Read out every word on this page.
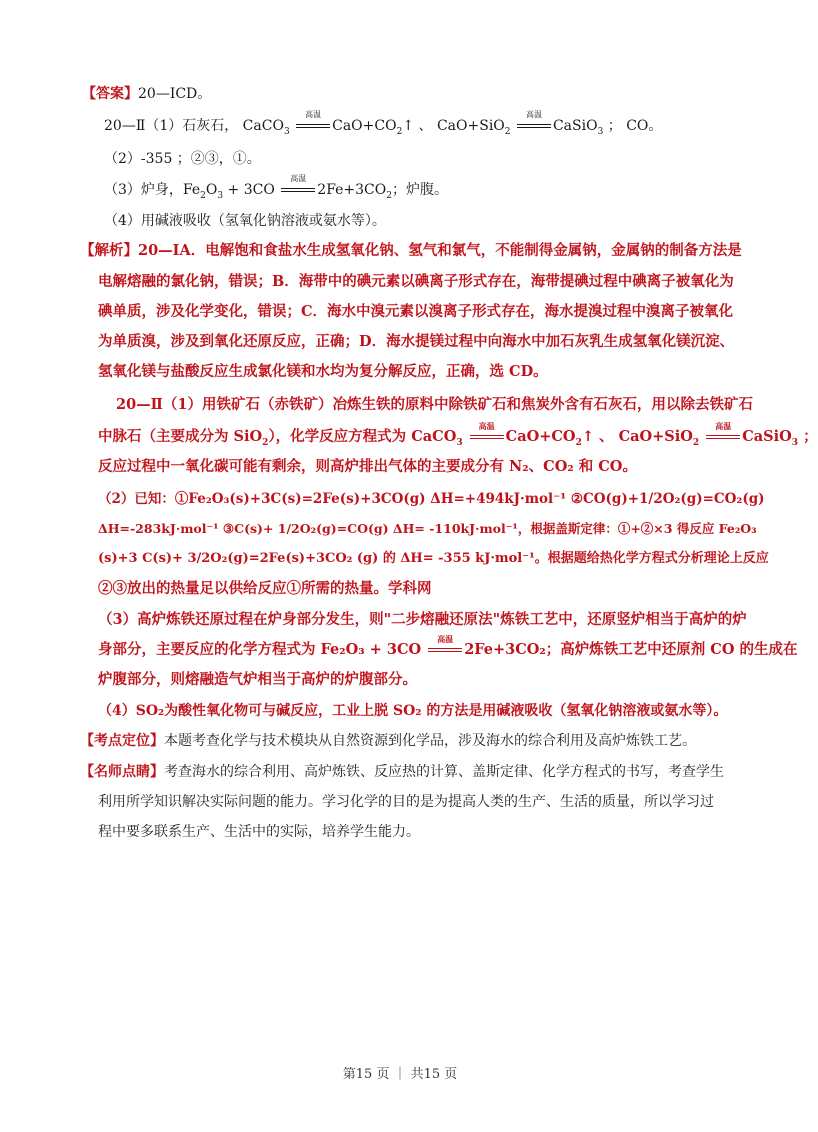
​
【答案】20—ⅠCD。
20—Ⅱ（1）石灰石， CaCO$_3$
高温
$CaO+CO_2↑$ 、 CaO+SiO$_2$
高温
CaSiO$_3$ ； CO。
（2）-355 ；②③，①。
（3）炉身，$Fe_2O_3 + 3CO$
高温
$2Fe+3CO_2$；炉腹。
（4）用碱液吸收（氢氧化钠溶液或氨水等）。
【解析】20—ⅠA．电解饱和食盐水生成氢氧化钠、氢气和氯气，不能制得金属钠，金属钠的制备方法是
电解熔融的氯化钠，错误；B．海带中的碘元素以碘离子形式存在，海带提碘过程中碘离子被氧化为
碘单质，涉及化学变化，错误；C．海水中溴元素以溴离子形式存在，海水提溴过程中溴离子被氧化
为单质溴，涉及到氧化还原反应，正确；D．海水提镁过程中向海水中加石灰乳生成氢氧化镁沉淀、
氢氧化镁与盐酸反应生成氯化镁和水均为复分解反应，正确，选 CD。
20—Ⅱ（1）用铁矿石（赤铁矿）冶炼生铁的原料中除铁矿石和焦炭外含有石灰石，用以除去铁矿石
中脉石（主要成分为 SiO$_2$），化学反应方程式为 CaCO$_3$
高温
$CaO+CO_2↑$ 、 CaO+SiO$_2$
高温
CaSiO$_3$ ；
反应过程中一氧化碳可能有剩余，则高炉排出气体的主要成分有 N₂、CO₂ 和 CO。
（2）已知：①Fe₂O₃(s)+3C(s)=2Fe(s)+3CO(g) ΔH=+494kJ·mol⁻¹ ②CO(g)+1/2O₂(g)=CO₂(g)
ΔH=-283kJ·mol⁻¹ ③C(s)+ 1/2O₂(g)=CO(g) ΔH= -110kJ·mol⁻¹，根据盖斯定律：①+②×3 得反应 Fe₂O₃
(s)+3 C(s)+ 3/2O₂(g)=2Fe(s)+3CO₂ (g) 的 ΔH= -355 kJ·mol⁻¹。根据题给热化学方程式分析理论上反应
②③放出的热量足以供给反应①所需的热量。学科网
（3）高炉炼铁还原过程在炉身部分发生，则"二步熔融还原法"炼铁工艺中，还原竖炉相当于高炉的炉
身部分，主要反应的化学方程式为 Fe₂O₃ + 3CO
高温
2Fe+3CO₂；高炉炼铁工艺中还原剂 CO 的生成在
炉腹部分，则熔融造气炉相当于高炉的炉腹部分。
（4）SO₂为酸性氧化物可与碱反应，工业上脱 SO₂ 的方法是用碱液吸收（氢氧化钠溶液或氨水等）。
【考点定位】本题考查化学与技术模块从自然资源到化学品，涉及海水的综合利用及高炉炼铁工艺。
【名师点睛】考查海水的综合利用、高炉炼铁、反应热的计算、盖斯定律、化学方程式的书写，考查学生
利用所学知识解决实际问题的能力。学习化学的目的是为提高人类的生产、生活的质量，所以学习过
程中要多联系生产、生活中的实际，培养学生能力。
第15 页 ｜ 共15 页
